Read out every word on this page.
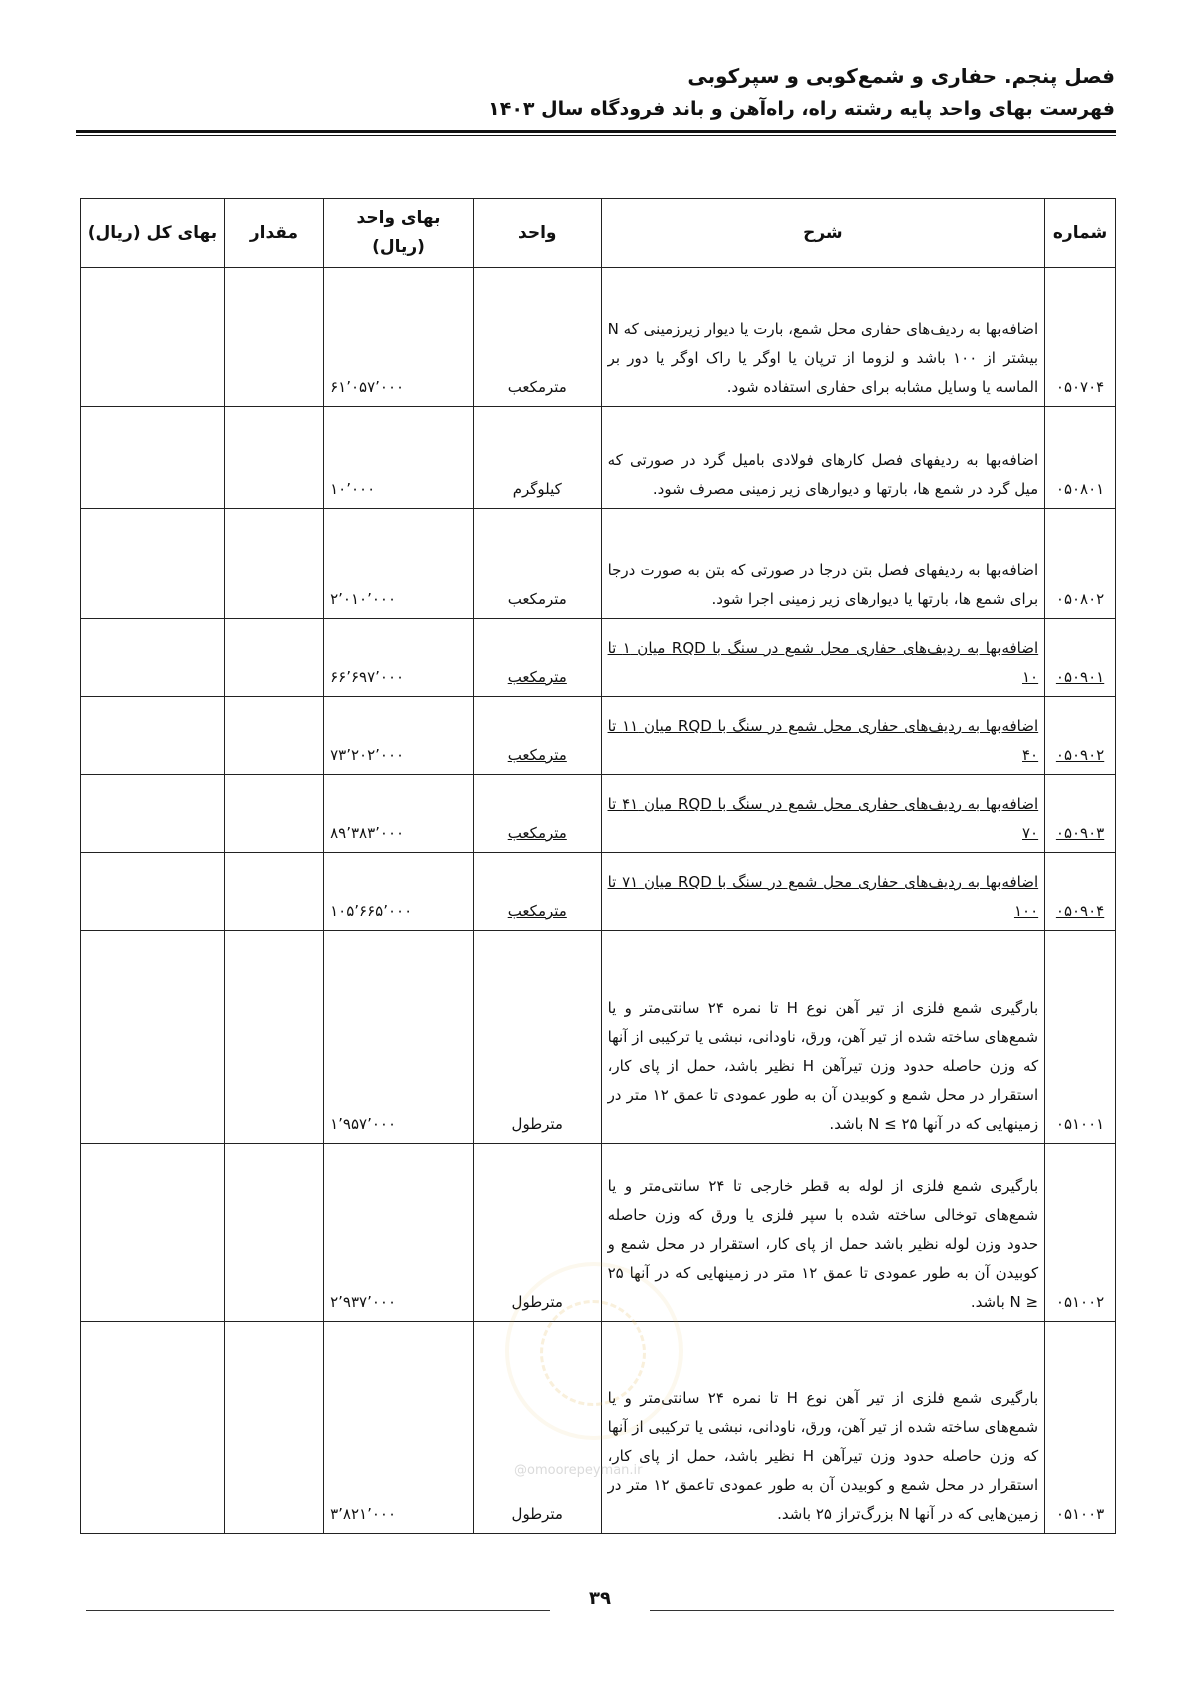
فصل پنجم. حفاری و شمع‌کوبی و سپرکوبی
فهرست بهای واحد پایه رشته راه، راه‌آهن و باند فرودگاه سال ۱۴۰۳
شماره	شرح	واحد	بهای واحد (ریال)	مقدار	بهای کل (ریال)
۰۵۰۷۰۴	اضافه‌بها به ردیف‌های حفاری محل شمع، بارت یا دیوار زیرزمینی که N بیشتر از ۱۰۰ باشد و لزوما از ترپان یا اوگر یا راک اوگر یا دور بر الماسه یا وسایل مشابه برای حفاری استفاده شود.	مترمکعب	۶۱٬۰۵۷٬۰۰۰		
۰۵۰۸۰۱	اضافه‌بها به ردیفهای فصل کارهای فولادی بامیل گرد در صورتی که میل گرد در شمع ها، بارتها و دیوارهای زیر زمینی مصرف شود.	کیلوگرم	۱۰٬۰۰۰		
۰۵۰۸۰۲	اضافه‌بها به ردیفهای فصل بتن درجا در صورتی که بتن به صورت درجا برای شمع ها، بارتها یا دیوارهای زیر زمینی اجرا شود.	مترمکعب	۲٬۰۱۰٬۰۰۰		
۰۵۰۹۰۱	اضافه‌بها به ردیف‌های حفاری محل شمع در سنگ با RQD میان ۱ تا ۱۰	مترمکعب	۶۶٬۶۹۷٬۰۰۰		
۰۵۰۹۰۲	اضافه‌بها به ردیف‌های حفاری محل شمع در سنگ با RQD میان ۱۱ تا ۴۰	مترمکعب	۷۳٬۲۰۲٬۰۰۰		
۰۵۰۹۰۳	اضافه‌بها به ردیف‌های حفاری محل شمع در سنگ با RQD میان ۴۱ تا ۷۰	مترمکعب	۸۹٬۳۸۳٬۰۰۰		
۰۵۰۹۰۴	اضافه‌بها به ردیف‌های حفاری محل شمع در سنگ با RQD میان ۷۱ تا ۱۰۰	مترمکعب	۱۰۵٬۶۶۵٬۰۰۰		
۰۵۱۰۰۱	بارگیری شمع فلزی از تیر آهن نوع H تا نمره ۲۴ سانتی‌متر و یا شمع‌های ساخته شده از تیر آهن، ورق، ناودانی، نبشی یا ترکیبی از آنها که وزن حاصله حدود وزن تیرآهن H نظیر باشد، حمل از پای کار، استقرار در محل شمع و کوبیدن آن به طور عمودی تا عمق ۱۲ متر در زمینهایی که در آنها ۲۵ ≥ N باشد.	مترطول	۱٬۹۵۷٬۰۰۰		
۰۵۱۰۰۲	بارگیری شمع فلزی از لوله به قطر خارجی تا ۲۴ سانتی‌متر و یا شمع‌های توخالی ساخته شده با سپر فلزی یا ورق که وزن حاصله حدود وزن لوله نظیر باشد حمل از پای کار، استقرار در محل شمع و کوبیدن آن به طور عمودی تا عمق ۱۲ متر در زمینهایی که در آنها ۲۵ ≤ N باشد.	مترطول	۲٬۹۳۷٬۰۰۰		
۰۵۱۰۰۳	بارگیری شمع فلزی از تیر آهن نوع H تا نمره ۲۴ سانتی‌متر و یا شمع‌های ساخته شده از تیر آهن، ورق، ناودانی، نبشی یا ترکیبی از آنها که وزن حاصله حدود وزن تیرآهن H نظیر باشد، حمل از پای کار، استقرار در محل شمع و کوبیدن آن به طور عمودی تاعمق ۱۲ متر در زمین‌هایی که در آنها N بزرگ‌تراز ۲۵ باشد.	مترطول	۳٬۸۲۱٬۰۰۰		
@omoorepeyman.ir
۳۹
